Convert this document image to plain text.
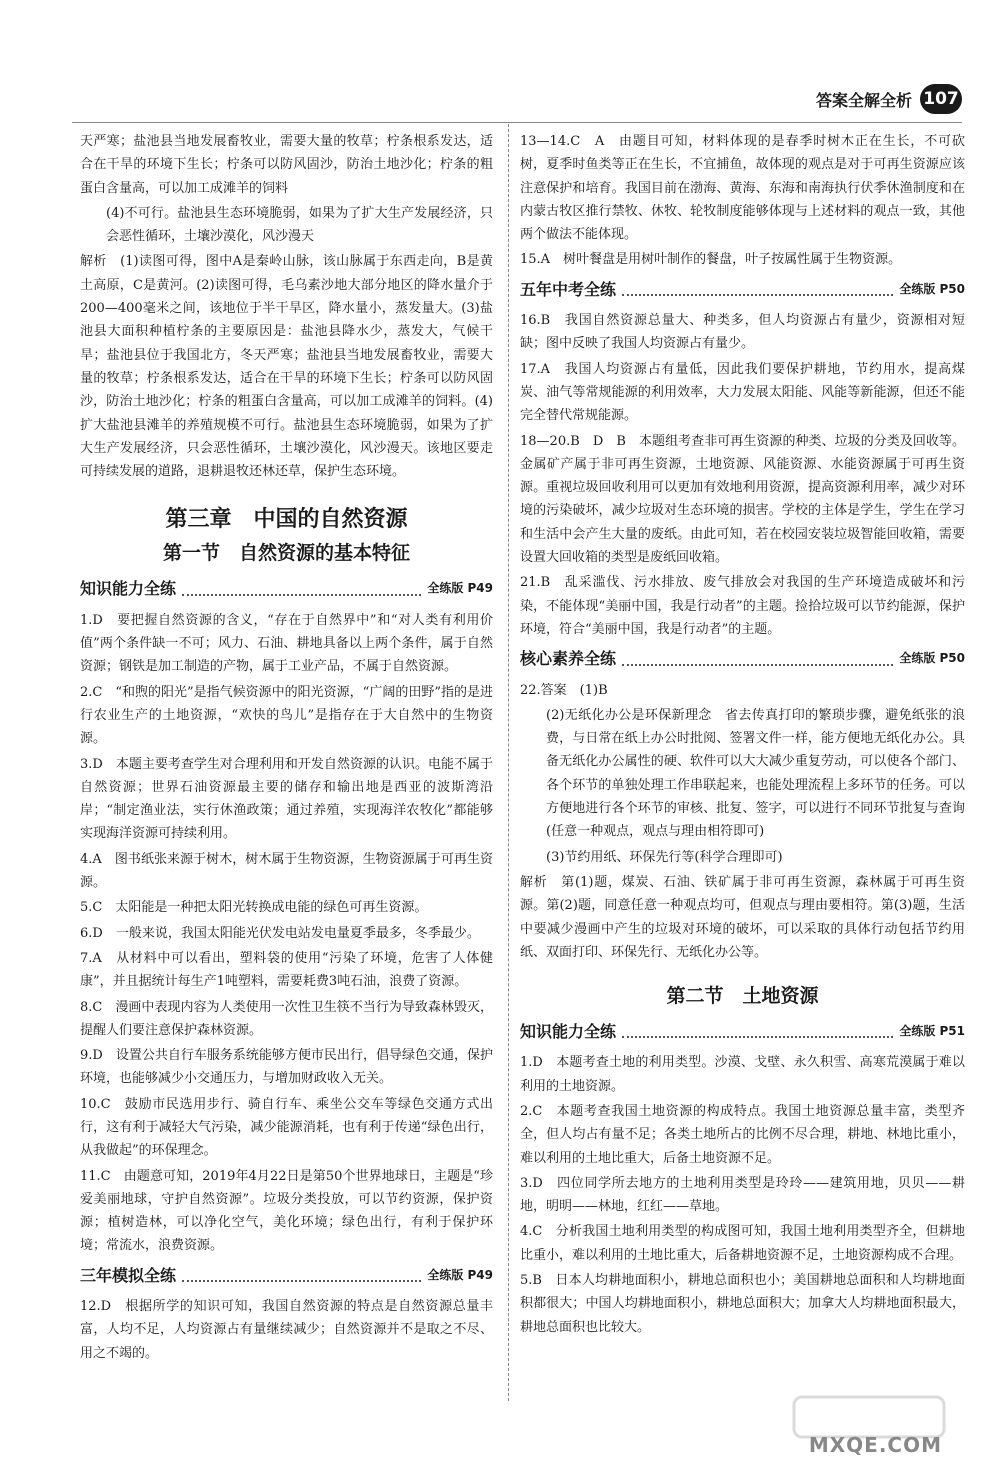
答案全解全析 107
天严寒；盐池县当地发展畜牧业，需要大量的牧草；柠条根系发达，适合在干旱的环境下生长；柠条可以防风固沙，防治土地沙化；柠条的粗蛋白含量高，可以加工成滩羊的饲料
(4)不可行。盐池县生态环境脆弱，如果为了扩大生产发展经济，只会恶性循环，土壤沙漠化，风沙漫天
解析　(1)读图可得，图中A是秦岭山脉，该山脉属于东西走向，B是黄土高原，C是黄河。(2)读图可得，毛乌素沙地大部分地区的降水量介于200—400毫米之间，该地位于半干旱区，降水量小，蒸发量大。(3)盐池县大面积种植柠条的主要原因是：盐池县降水少，蒸发大，气候干旱；盐池县位于我国北方，冬天严寒；盐池县当地发展畜牧业，需要大量的牧草；柠条根系发达，适合在干旱的环境下生长；柠条可以防风固沙，防治土地沙化；柠条的粗蛋白含量高，可以加工成滩羊的饲料。(4)扩大盐池县滩羊的养殖规模不可行。盐池县生态环境脆弱，如果为了扩大生产发展经济，只会恶性循环，土壤沙漠化，风沙漫天。该地区要走可持续发展的道路，退耕退牧还林还草，保护生态环境。
第三章　中国的自然资源
第一节　自然资源的基本特征
知识能力全练	全练版 P49
1.D　要把握自然资源的含义，“存在于自然界中”和“对人类有利用价值”两个条件缺一不可；风力、石油、耕地具备以上两个条件，属于自然资源；钢铁是加工制造的产物，属于工业产品，不属于自然资源。
2.C　“和煦的阳光”是指气候资源中的阳光资源，“广阔的田野”指的是进行农业生产的土地资源，“欢快的鸟儿”是指存在于大自然中的生物资源。
3.D　本题主要考查学生对合理利用和开发自然资源的认识。电能不属于自然资源；世界石油资源最主要的储存和输出地是西亚的波斯湾沿岸；“制定渔业法，实行休渔政策；通过养殖，实现海洋农牧化”都能够实现海洋资源可持续利用。
4.A　图书纸张来源于树木，树木属于生物资源，生物资源属于可再生资源。
5.C　太阳能是一种把太阳光转换成电能的绿色可再生资源。
6.D　一般来说，我国太阳能光伏发电站发电量夏季最多，冬季最少。
7.A　从材料中可以看出，塑料袋的使用“污染了环境，危害了人体健康”，并且据统计每生产1吨塑料，需要耗费3吨石油，浪费了资源。
8.C　漫画中表现内容为人类使用一次性卫生筷不当行为导致森林毁灭，提醒人们要注意保护森林资源。
9.D　设置公共自行车服务系统能够方便市民出行，倡导绿色交通，保护环境，也能够减少小交通压力，与增加财政收入无关。
10.C　鼓励市民选用步行、骑自行车、乘坐公交车等绿色交通方式出行，这有利于减轻大气污染，减少能源消耗，也有利于传递“绿色出行，从我做起”的环保理念。
11.C　由题意可知，2019年4月22日是第50个世界地球日，主题是“珍爱美丽地球，守护自然资源”。垃圾分类投放，可以节约资源，保护资源；植树造林，可以净化空气，美化环境；绿色出行，有利于保护环境；常流水，浪费资源。
三年模拟全练	全练版 P49
12.D　根据所学的知识可知，我国自然资源的特点是自然资源总量丰富，人均不足，人均资源占有量继续减少；自然资源并不是取之不尽、用之不竭的。
13—14.C　A　由题目可知，材料体现的是春季时树木正在生长，不可砍树，夏季时鱼类等正在生长，不宜捕鱼，故体现的观点是对于可再生资源应该注意保护和培育。我国目前在渤海、黄海、东海和南海执行伏季休渔制度和在内蒙古牧区推行禁牧、休牧、轮牧制度能够体现与上述材料的观点一致，其他两个做法不能体现。
15.A　树叶餐盘是用树叶制作的餐盘，叶子按属性属于生物资源。
五年中考全练	全练版 P50
16.B　我国自然资源总量大、种类多，但人均资源占有量少，资源相对短缺；图中反映了我国人均资源占有量少。
17.A　我国人均资源占有量低，因此我们要保护耕地，节约用水，提高煤炭、油气等常规能源的利用效率，大力发展太阳能、风能等新能源，但还不能完全替代常规能源。
18—20.B　D　B　本题组考查非可再生资源的种类、垃圾的分类及回收等。金属矿产属于非可再生资源，土地资源、风能资源、水能资源属于可再生资源。重视垃圾回收利用可以更加有效地利用资源，提高资源利用率，减少对环境的污染破坏，减少垃圾对生态环境的损害。学校的主体是学生，学生在学习和生活中会产生大量的废纸。由此可知，若在校园安装垃圾智能回收箱，需要设置大回收箱的类型是废纸回收箱。
21.B　乱采滥伐、污水排放、废气排放会对我国的生产环境造成破坏和污染，不能体现“美丽中国，我是行动者”的主题。捡拾垃圾可以节约能源，保护环境，符合“美丽中国，我是行动者”的主题。
核心素养全练	全练版 P50
22.答案　(1)B
(2)无纸化办公是环保新理念　省去传真打印的繁琐步骤，避免纸张的浪费，与日常在纸上办公时批阅、签署文件一样，能方便地无纸化办公。具备无纸化办公属性的硬、软件可以大大减少重复劳动，可以使各个部门、各个环节的单独处理工作串联起来，也能处理流程上多环节的任务。可以方便地进行各个环节的审核、批复、签字，可以进行不同环节批复与查询(任意一种观点，观点与理由相符即可)
(3)节约用纸、环保先行等(科学合理即可)
解析　第(1)题，煤炭、石油、铁矿属于非可再生资源，森林属于可再生资源。第(2)题，同意任意一种观点均可，但观点与理由要相符。第(3)题，生活中要减少漫画中产生的垃圾对环境的破坏，可以采取的具体行动包括节约用纸、双面打印、环保先行、无纸化办公等。
第二节　土地资源
知识能力全练	全练版 P51
1.D　本题考查土地的利用类型。沙漠、戈壁、永久积雪、高寒荒漠属于难以利用的土地资源。
2.C　本题考查我国土地资源的构成特点。我国土地资源总量丰富，类型齐全，但人均占有量不足；各类土地所占的比例不尽合理，耕地、林地比重小，难以利用的土地比重大，后备土地资源不足。
3.D　四位同学所去地方的土地利用类型是玲玲——建筑用地，贝贝——耕地，明明——林地，红红——草地。
4.C　分析我国土地利用类型的构成图可知，我国土地利用类型齐全，但耕地比重小，难以利用的土地比重大，后备耕地资源不足，土地资源构成不合理。
5.B　日本人均耕地面积小，耕地总面积也小；美国耕地总面积和人均耕地面积都很大；中国人均耕地面积小，耕地总面积大；加拿大人均耕地面积最大，耕地总面积也比较大。
MXQE.COM
